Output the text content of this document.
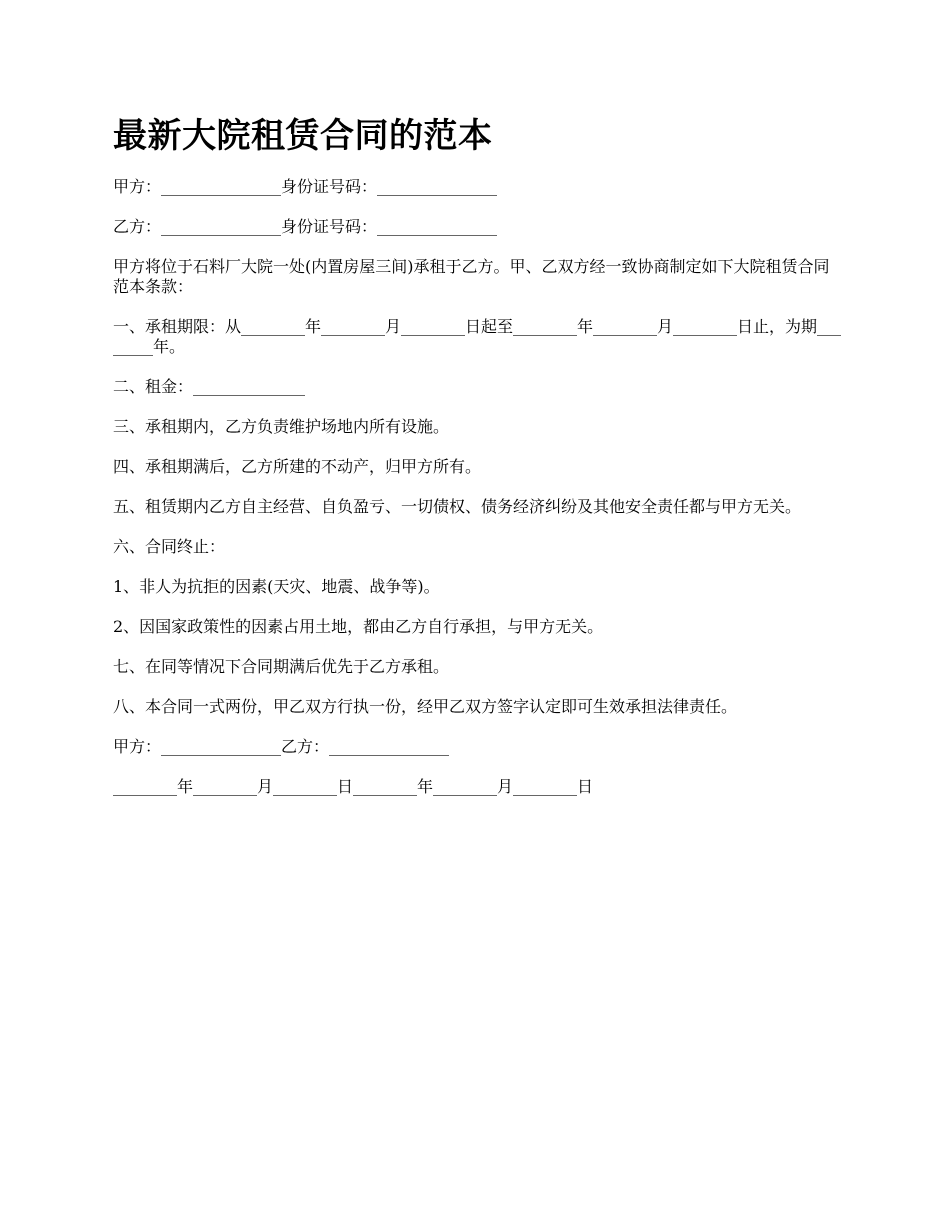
最新大院租赁合同的范本

甲方：_______________身份证号码：_______________

乙方：_______________身份证号码：_______________

甲方将位于石料厂大院一处(内置房屋三间)承租于乙方。甲、乙双方经一致协商制定如下大院租赁合同范本条款：

一、承租期限：从________年________月________日起至________年________月________日止，为期________年。

二、租金：______________

三、承租期内，乙方负责维护场地内所有设施。

四、承租期满后，乙方所建的不动产，归甲方所有。

五、租赁期内乙方自主经营、自负盈亏、一切债权、债务经济纠纷及其他安全责任都与甲方无关。

六、合同终止：

1、非人为抗拒的因素(天灾、地震、战争等)。

2、因国家政策性的因素占用土地，都由乙方自行承担，与甲方无关。

七、在同等情况下合同期满后优先于乙方承租。

八、本合同一式两份，甲乙双方行执一份，经甲乙双方签字认定即可生效承担法律责任。

甲方：_______________乙方：_______________

________年________月________日________年________月________日
